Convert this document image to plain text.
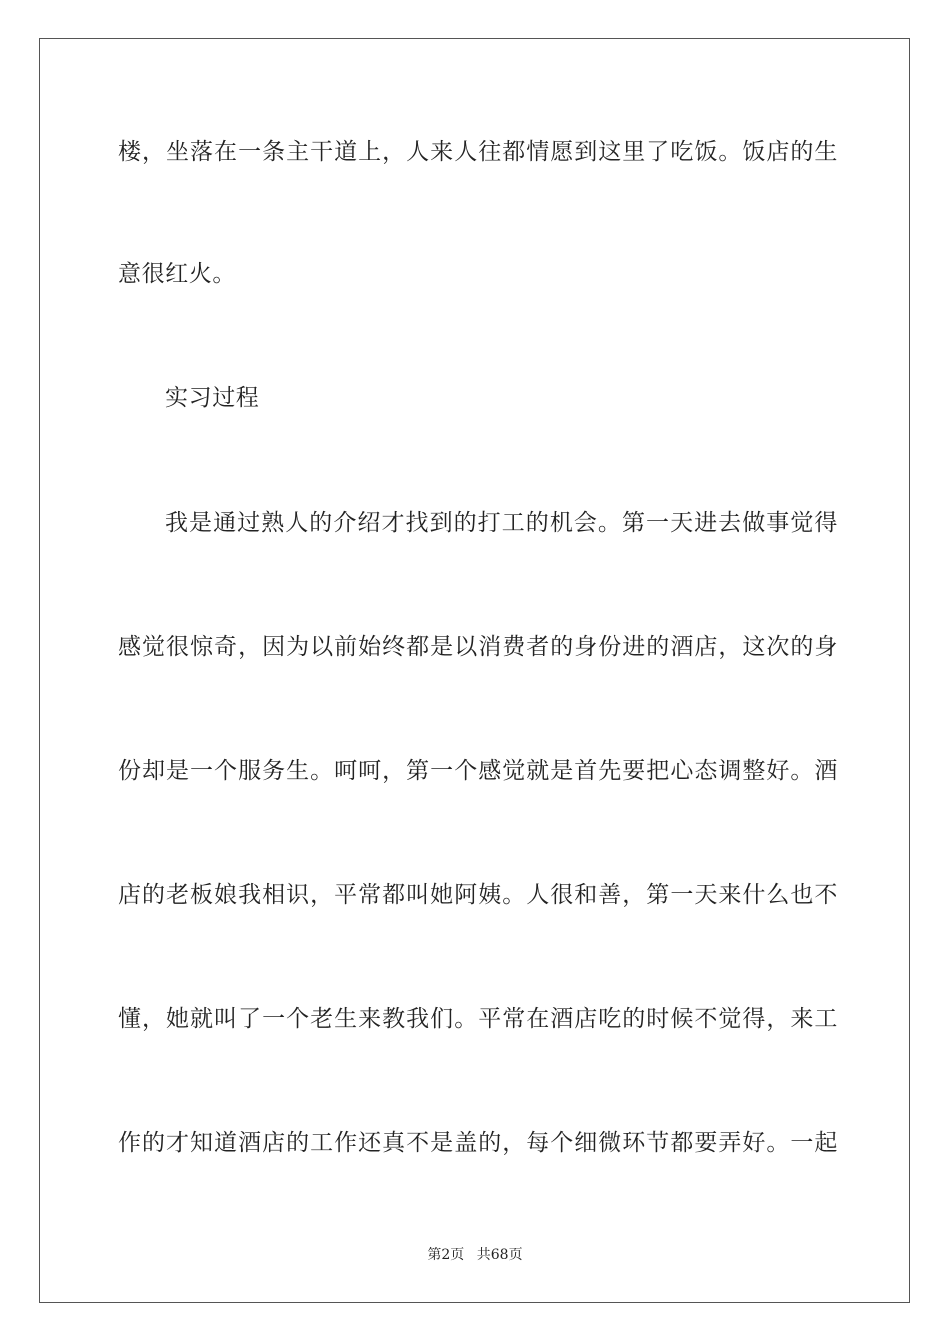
楼，坐落在一条主干道上，人来人往都情愿到这里了吃饭。饭店的生
意很红火。
实习过程
我是通过熟人的介绍才找到的打工的机会。第一天进去做事觉得
感觉很惊奇，因为以前始终都是以消费者的身份进的酒店，这次的身
份却是一个服务生。呵呵，第一个感觉就是首先要把心态调整好。酒
店的老板娘我相识，平常都叫她阿姨。人很和善，第一天来什么也不
懂，她就叫了一个老生来教我们。平常在酒店吃的时候不觉得，来工
作的才知道酒店的工作还真不是盖的，每个细微环节都要弄好。一起
第2页 共68页
